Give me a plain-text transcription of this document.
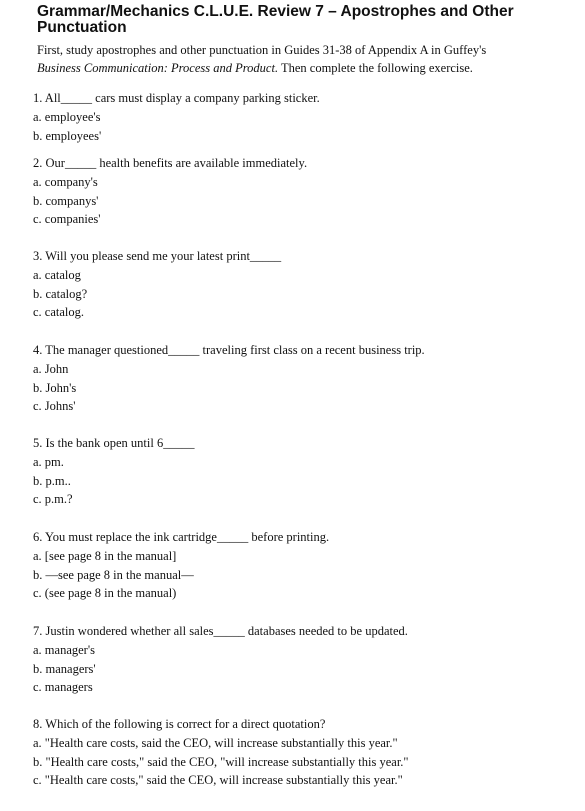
Grammar/Mechanics C.L.U.E. Review 7 – Apostrophes and Other
Punctuation
First, study apostrophes and other punctuation in Guides 31-38 of Appendix A in Guffey's
Business Communication: Process and Product. Then complete the following exercise.
1. All_____ cars must display a company parking sticker.
a. employee's
b. employees'
2. Our_____ health benefits are available immediately.
a. company's
b. companys'
c. companies'
3. Will you please send me your latest print_____
a. catalog
b. catalog?
c. catalog.
4. The manager questioned_____ traveling first class on a recent business trip.
a. John
b. John's
c. Johns'
5. Is the bank open until 6_____
a. pm.
b. p.m..
c. p.m.?
6. You must replace the ink cartridge_____ before printing.
a. [see page 8 in the manual]
b. —see page 8 in the manual—
c. (see page 8 in the manual)
7. Justin wondered whether all sales_____ databases needed to be updated.
a. manager's
b. managers'
c. managers
8. Which of the following is correct for a direct quotation?
a. "Health care costs, said the CEO, will increase substantially this year."
b. "Health care costs," said the CEO, "will increase substantially this year."
c. "Health care costs," said the CEO, will increase substantially this year."
